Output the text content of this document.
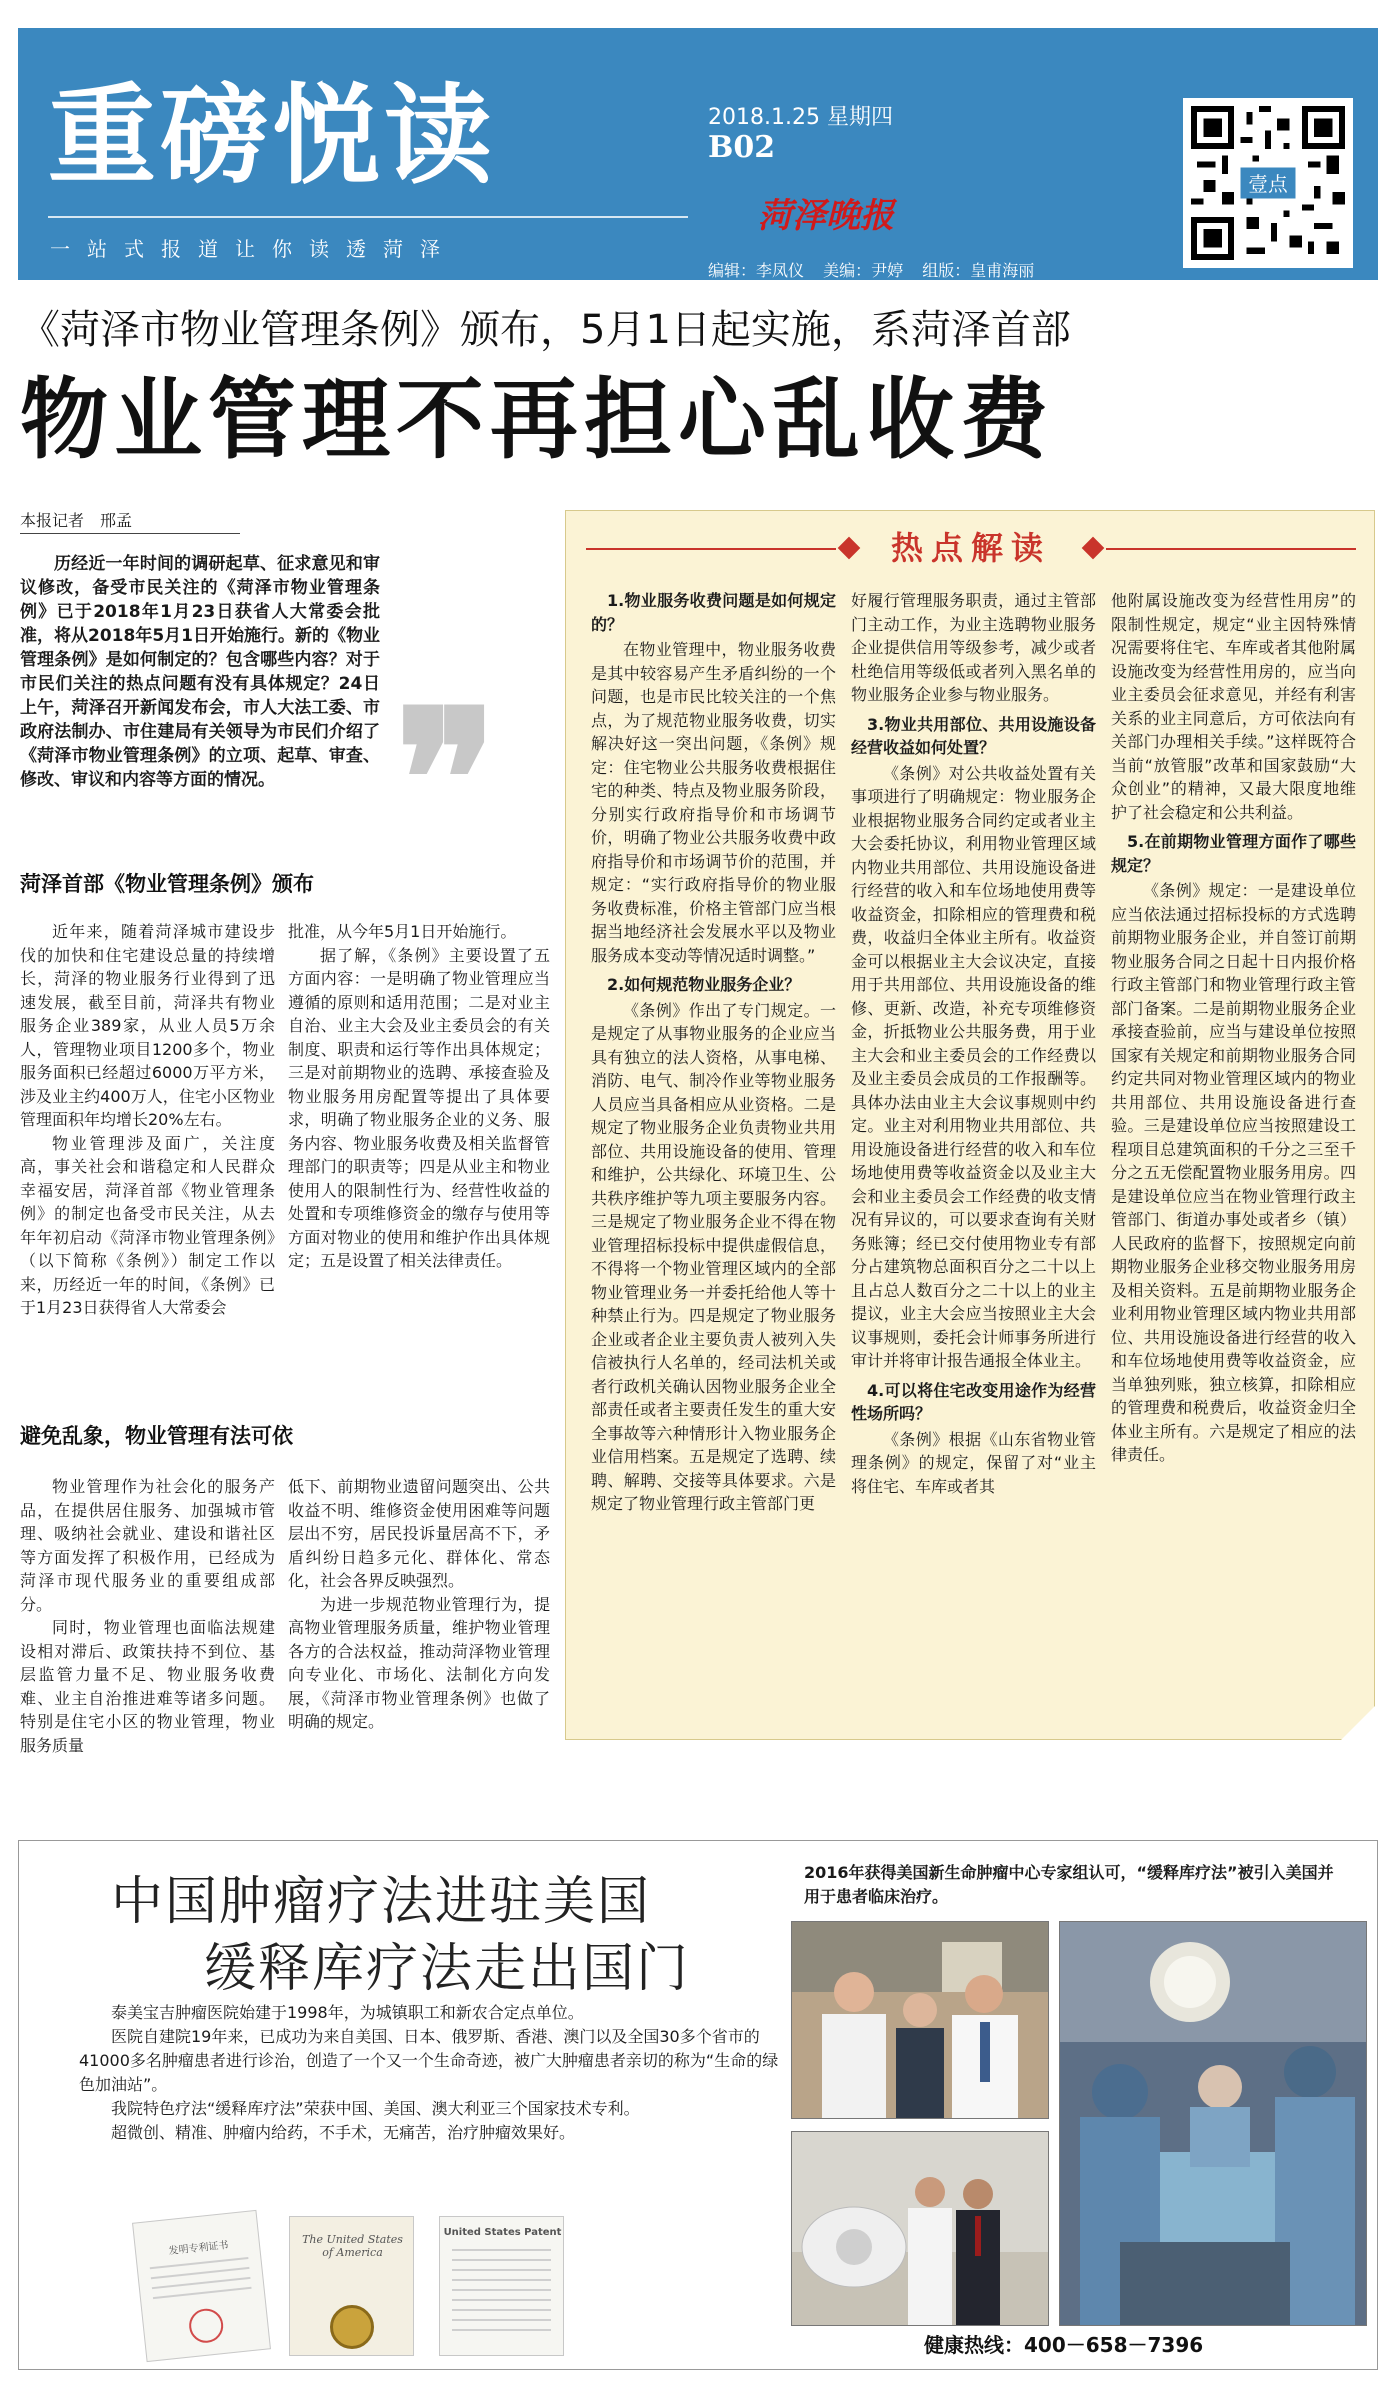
重磅悦读
一站式报道让你读透菏泽
2018.1.25 星期四
B02
菏泽晚报
编辑：李凤仪 美编：尹婷 组版：皇甫海丽
壹点
《菏泽市物业管理条例》颁布，5月1日起实施，系菏泽首部
物业管理不再担心乱收费
本报记者　邢孟

历经近一年时间的调研起草、征求意见和审议修改，备受市民关注的《菏泽市物业管理条例》已于2018年1月23日获省人大常委会批准，将从2018年5月1日开始施行。新的《物业管理条例》是如何制定的？包含哪些内容？对于市民们关注的热点问题有没有具体规定？24日上午，菏泽召开新闻发布会，市人大法工委、市政府法制办、市住建局有关领导为市民们介绍了《菏泽市物业管理条例》的立项、起草、审查、修改、审议和内容等方面的情况。 ❞
菏泽首部《物业管理条例》颁布

近年来，随着菏泽城市建设步伐的加快和住宅建设总量的持续增长，菏泽的物业服务行业得到了迅速发展，截至目前，菏泽共有物业服务企业389家，从业人员5万余人，管理物业项目1200多个，物业服务面积已经超过6000万平方米，涉及业主约400万人，住宅小区物业管理面积年均增长20%左右。

物业管理涉及面广，关注度高，事关社会和谐稳定和人民群众幸福安居，菏泽首部《物业管理条例》的制定也备受市民关注，从去年年初启动《菏泽市物业管理条例》（以下简称《条例》）制定工作以来，历经近一年的时间，《条例》已于1月23日获得省人大常委会

批准，从今年5月1日开始施行。

据了解，《条例》主要设置了五方面内容：一是明确了物业管理应当遵循的原则和适用范围；二是对业主自治、业主大会及业主委员会的有关制度、职责和运行等作出具体规定；三是对前期物业的选聘、承接查验及物业服务用房配置等提出了具体要求，明确了物业服务企业的义务、服务内容、物业服务收费及相关监督管理部门的职责等；四是从业主和物业使用人的限制性行为、经营性收益的处置和专项维修资金的缴存与使用等方面对物业的使用和维护作出具体规定；五是设置了相关法律责任。

避免乱象，物业管理有法可依

物业管理作为社会化的服务产品，在提供居住服务、加强城市管理、吸纳社会就业、建设和谐社区等方面发挥了积极作用，已经成为菏泽市现代服务业的重要组成部分。

同时，物业管理也面临法规建设相对滞后、政策扶持不到位、基层监管力量不足、物业服务收费难、业主自治推进难等诸多问题。特别是住宅小区的物业管理，物业服务质量

低下、前期物业遗留问题突出、公共收益不明、维修资金使用困难等问题层出不穷，居民投诉量居高不下，矛盾纠纷日趋多元化、群体化、常态化，社会各界反映强烈。

为进一步规范物业管理行为，提高物业管理服务质量，维护物业管理各方的合法权益，推动菏泽物业管理向专业化、市场化、法制化方向发展，《菏泽市物业管理条例》也做了明确的规定。

热点解读
1.物业服务收费问题是如何规定的？

在物业管理中，物业服务收费是其中较容易产生矛盾纠纷的一个问题，也是市民比较关注的一个焦点，为了规范物业服务收费，切实解决好这一突出问题，《条例》规定：住宅物业公共服务收费根据住宅的种类、特点及物业服务阶段，分别实行政府指导价和市场调节价，明确了物业公共服务收费中政府指导价和市场调节价的范围，并规定：“实行政府指导价的物业服务收费标准，价格主管部门应当根据当地经济社会发展水平以及物业服务成本变动等情况适时调整。”

2.如何规范物业服务企业？

《条例》作出了专门规定。一是规定了从事物业服务的企业应当具有独立的法人资格，从事电梯、消防、电气、制冷作业等物业服务人员应当具备相应从业资格。二是规定了物业服务企业负责物业共用部位、共用设施设备的使用、管理和维护，公共绿化、环境卫生、公共秩序维护等九项主要服务内容。三是规定了物业服务企业不得在物业管理招标投标中提供虚假信息，不得将一个物业管理区域内的全部物业管理业务一并委托给他人等十种禁止行为。四是规定了物业服务企业或者企业主要负责人被列入失信被执行人名单的，经司法机关或者行政机关确认因物业服务企业全部责任或者主要责任发生的重大安全事故等六种情形计入物业服务企业信用档案。五是规定了选聘、续聘、解聘、交接等具体要求。六是规定了物业管理行政主管部门更

好履行管理服务职责，通过主管部门主动工作，为业主选聘物业服务企业提供信用等级参考，减少或者杜绝信用等级低或者列入黑名单的物业服务企业参与物业服务。

3.物业共用部位、共用设施设备经营收益如何处置？

《条例》对公共收益处置有关事项进行了明确规定：物业服务企业根据物业服务合同约定或者业主大会委托协议，利用物业管理区域内物业共用部位、共用设施设备进行经营的收入和车位场地使用费等收益资金，扣除相应的管理费和税费，收益归全体业主所有。收益资金可以根据业主大会议决定，直接用于共用部位、共用设施设备的维修、更新、改造，补充专项维修资金，折抵物业公共服务费，用于业主大会和业主委员会的工作经费以及业主委员会成员的工作报酬等。具体办法由业主大会议事规则中约定。业主对利用物业共用部位、共用设施设备进行经营的收入和车位场地使用费等收益资金以及业主大会和业主委员会工作经费的收支情况有异议的，可以要求查询有关财务账簿；经已交付使用物业专有部分占建筑物总面积百分之二十以上且占总人数百分之二十以上的业主提议，业主大会应当按照业主大会议事规则，委托会计师事务所进行审计并将审计报告通报全体业主。

4.可以将住宅改变用途作为经营性场所吗？

《条例》根据《山东省物业管理条例》的规定，保留了对“业主将住宅、车库或者其

他附属设施改变为经营性用房”的限制性规定，规定“业主因特殊情况需要将住宅、车库或者其他附属设施改变为经营性用房的，应当向业主委员会征求意见，并经有利害关系的业主同意后，方可依法向有关部门办理相关手续。”这样既符合当前“放管服”改革和国家鼓励“大众创业”的精神，又最大限度地维护了社会稳定和公共利益。

5.在前期物业管理方面作了哪些规定？

《条例》规定：一是建设单位应当依法通过招标投标的方式选聘前期物业服务企业，并自签订前期物业服务合同之日起十日内报价格行政主管部门和物业管理行政主管部门备案。二是前期物业服务企业承接查验前，应当与建设单位按照国家有关规定和前期物业服务合同约定共同对物业管理区域内的物业共用部位、共用设施设备进行查验。三是建设单位应当按照建设工程项目总建筑面积的千分之三至千分之五无偿配置物业服务用房。四是建设单位应当在物业管理行政主管部门、街道办事处或者乡（镇）人民政府的监督下，按照规定向前期物业服务企业移交物业服务用房及相关资料。五是前期物业服务企业利用物业管理区域内物业共用部位、共用设施设备进行经营的收入和车位场地使用费等收益资金，应当单独列账，独立核算，扣除相应的管理费和税费后，收益资金归全体业主所有。六是规定了相应的法律责任。

中国肿瘤疗法进驻美国
缓释库疗法走出国门

泰美宝吉肿瘤医院始建于1998年，为城镇职工和新农合定点单位。

医院自建院19年来，已成功为来自美国、日本、俄罗斯、香港、澳门以及全国30多个省市的41000多名肿瘤患者进行诊治，创造了一个又一个生命奇迹，被广大肿瘤患者亲切的称为“生命的绿色加油站”。

我院特色疗法“缓释库疗法”荣获中国、美国、澳大利亚三个国家技术专利。

超微创、精准、肿瘤内给药，不手术，无痛苦，治疗肿瘤效果好。

发明专利证书
The United States of America
United States Patent
2016年获得美国新生命肿瘤中心专家组认可，“缓释库疗法”被引入美国并用于患者临床治疗。
健康热线：400－658－7396
